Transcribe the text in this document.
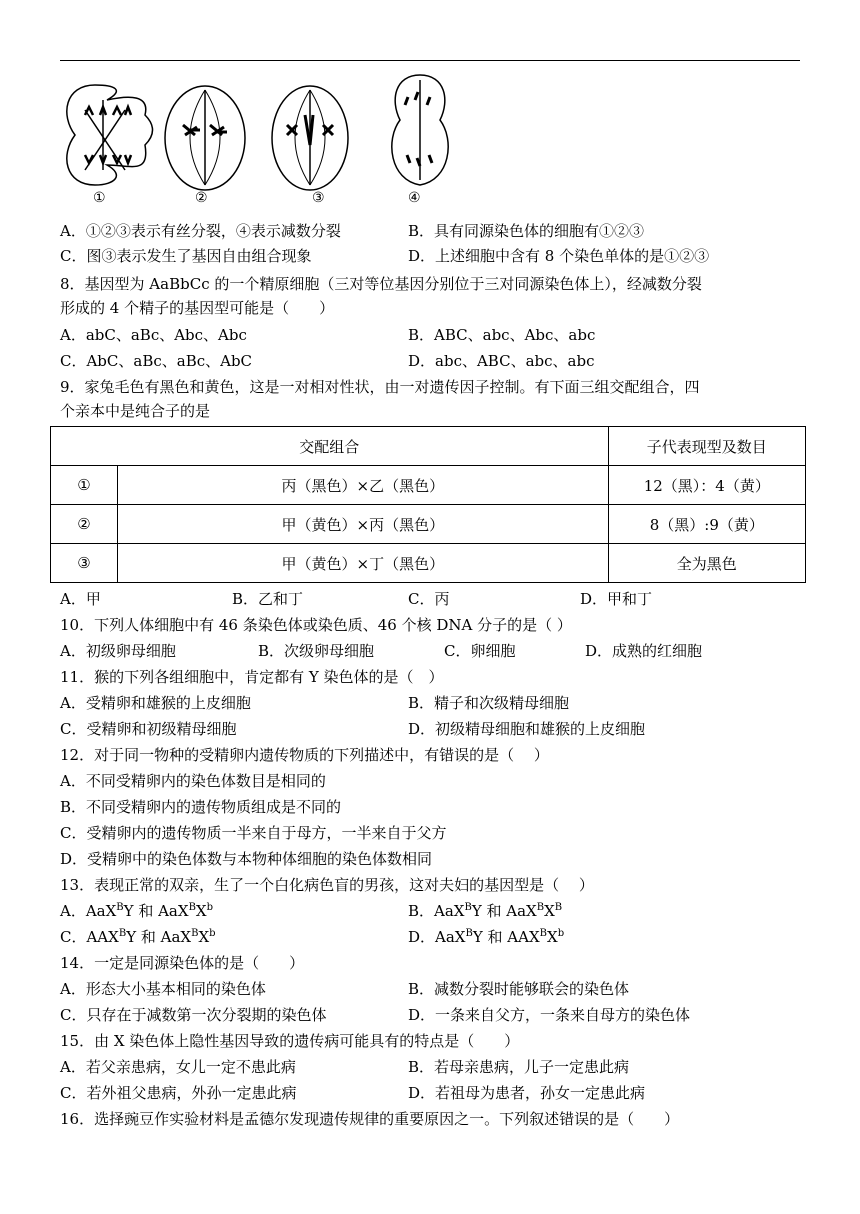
①	②	③	④
A．①②③表示有丝分裂，④表示减数分裂	B．具有同源染色体的细胞有①②③
C．图③表示发生了基因自由组合现象	D．上述细胞中含有 8 个染色单体的是①②③
8．基因型为 AaBbCc 的一个精原细胞（三对等位基因分别位于三对同源染色体上），经减数分裂
形成的 4 个精子的基因型可能是（　　）
A．abC、aBc、Abc、Abc	B．ABC、abc、Abc、abc
C．AbC、aBc、aBc、AbC	D．abc、ABC、abc、abc
9．家兔毛色有黑色和黄色，这是一对相对性状，由一对遗传因子控制。有下面三组交配组合，四
个亲本中是纯合子的是
交配组合		子代表现型及数目
①	丙（黑色）×乙（黑色）	12（黑）：4（黄）
②	甲（黄色）×丙（黑色）	8（黑）:9（黄）
③	甲（黄色）×丁（黑色）	全为黑色
A．甲	B．乙和丁	C．丙	D．甲和丁
10．下列人体细胞中有 46 条染色体或染色质、46 个核 DNA 分子的是（ ）
A．初级卵母细胞	B．次级卵母细胞	C．卵细胞	D．成熟的红细胞
11．猴的下列各组细胞中，肯定都有 Y 染色体的是（　）
A．受精卵和雄猴的上皮细胞	B．精子和次级精母细胞
C．受精卵和初级精母细胞	D．初级精母细胞和雄猴的上皮细胞
12．对于同一物种的受精卵内遗传物质的下列描述中，有错误的是（　 ）
A．不同受精卵内的染色体数目是相同的
B．不同受精卵内的遗传物质组成是不同的
C．受精卵内的遗传物质一半来自于母方，一半来自于父方
D．受精卵中的染色体数与本物种体细胞的染色体数相同
13．表现正常的双亲，生了一个白化病色盲的男孩，这对夫妇的基因型是（　 ）
A．AaX$^B$Y 和 $AaX^BX^b$	B．AaX$^B$Y 和 $AaX^BX^B$
C．$AAX^BY$ 和 $AaX^BX^b$	D．AaX$^B$Y 和 $AAX^BX^b$
14．一定是同源染色体的是（　　）
A．形态大小基本相同的染色体	B．减数分裂时能够联会的染色体
C．只存在于减数第一次分裂期的染色体	D．一条来自父方，一条来自母方的染色体
15．由 X 染色体上隐性基因导致的遗传病可能具有的特点是（　　）
A．若父亲患病，女儿一定不患此病	B．若母亲患病，儿子一定患此病
C．若外祖父患病，外孙一定患此病	D．若祖母为患者，孙女一定患此病
16．选择豌豆作实验材料是孟德尔发现遗传规律的重要原因之一。下列叙述错误的是（　　）
